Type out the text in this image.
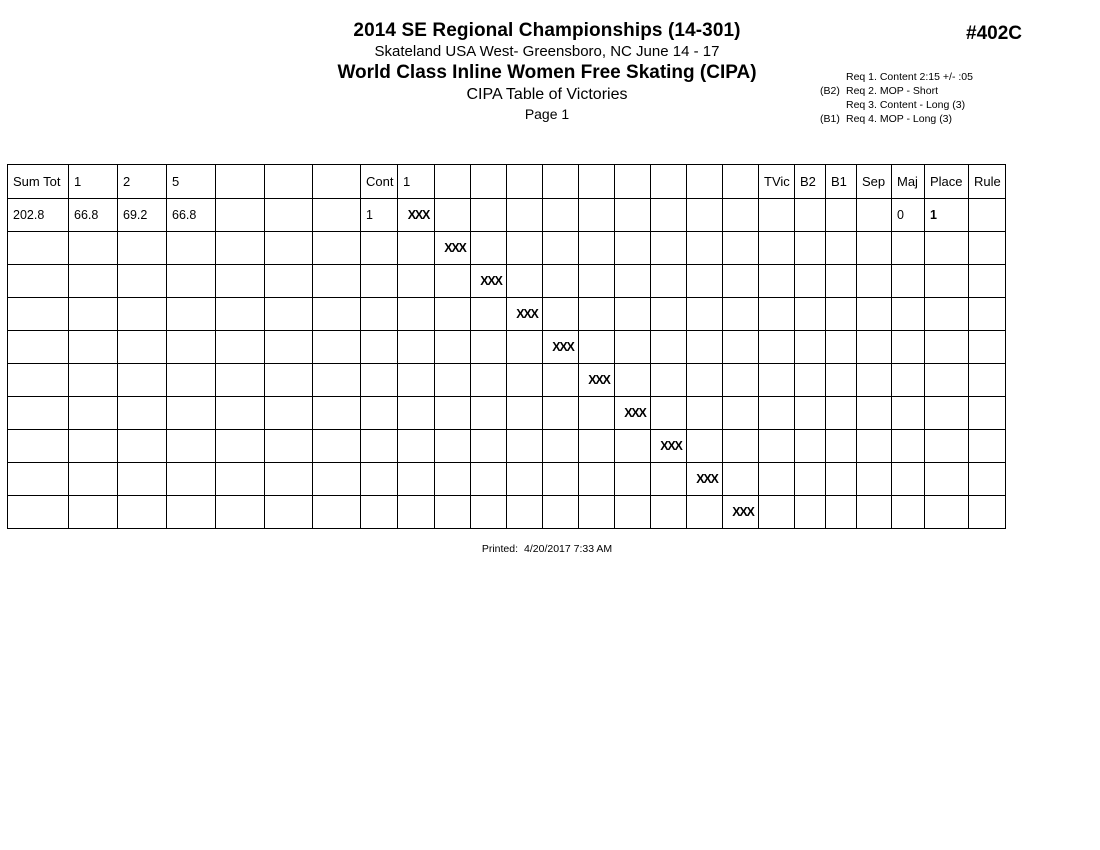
2014 SE Regional Championships (14-301)
Skateland USA West- Greensboro, NC June 14 - 17
World Class Inline Women Free Skating (CIPA)
CIPA Table of Victories
Page 1
#402C
Req 1. Content 2:15 +/- :05
(B2) Req 2. MOP - Short
Req 3. Content - Long (3)
(B1) Req 4. MOP - Long (3)
Sum Tot	1	2	5				Cont	1										TVic	B2	B1	Sep	Maj	Place	Rule
202.8	66.8	69.2	66.8				1	XXX														0	1	
									XXX															
										XXX														
											XXX													
												XXX												
													XXX											
														XXX										
															XXX									
																XXX								
																	XXX							
Printed: 4/20/2017 7:33 AM
